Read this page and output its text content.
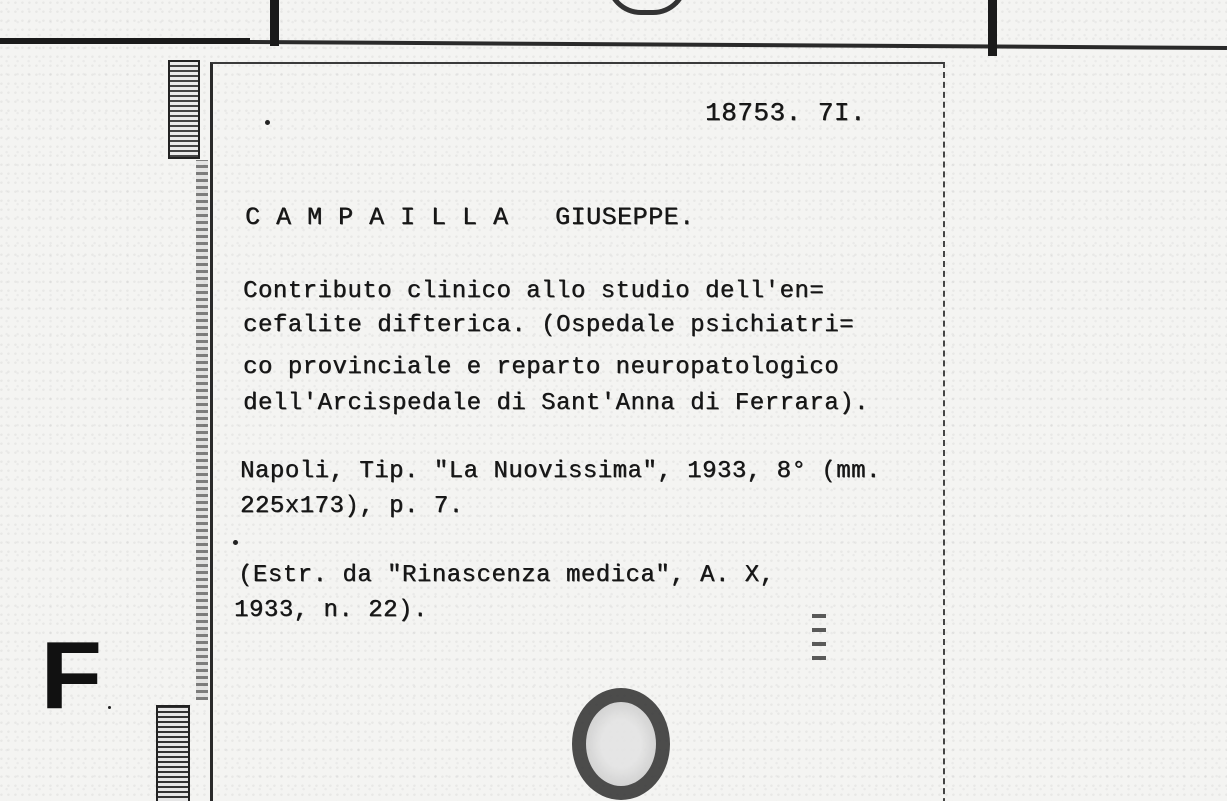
18753. 7I.
C A M P A I L L A   GIUSEPPE.
Contributo clinico allo studio dell'en=
cefalite difterica. (Ospedale psichiatri=
co provinciale e reparto neuropatologico
dell'Arcispedale di Sant'Anna di Ferrara).
Napoli, Tip. "La Nuovissima", 1933, 8° (mm.
225x173), p. 7.
(Estr. da "Rinascenza medica", A. X,
1933, n. 22).
F
